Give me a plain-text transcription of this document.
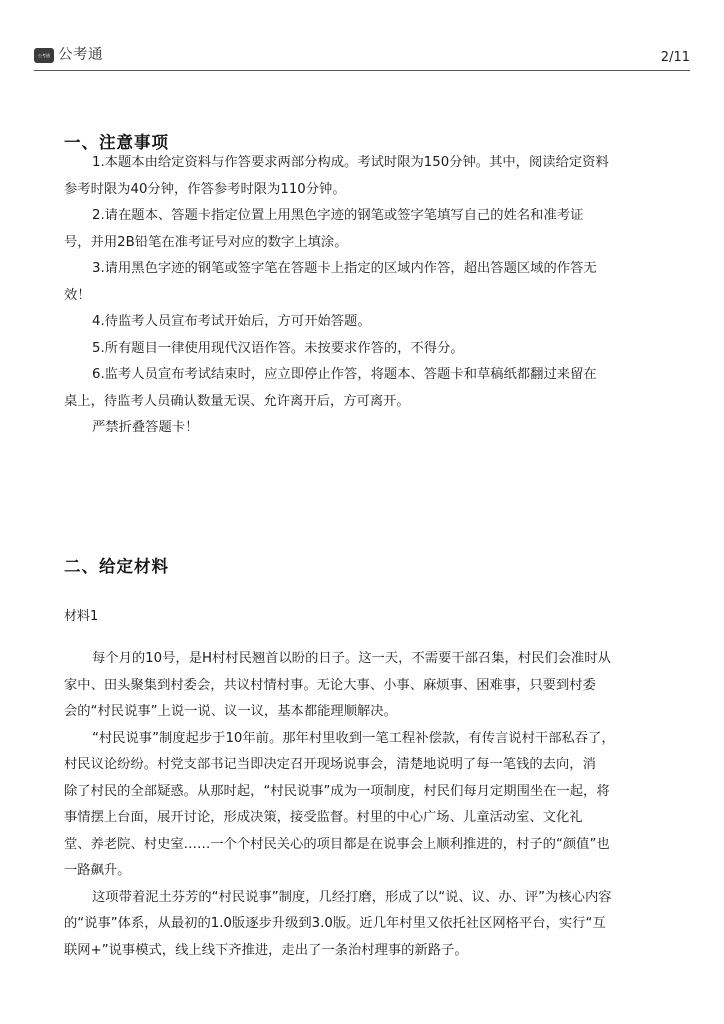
公考通 公考通	2/11
一、注意事项
1.本题本由给定资料与作答要求两部分构成。考试时限为150分钟。其中，阅读给定资料
参考时限为40分钟，作答参考时限为110分钟。
2.请在题本、答题卡指定位置上用黑色字迹的钢笔或签字笔填写自己的姓名和准考证
号，并用2B铅笔在准考证号对应的数字上填涂。
3.请用黑色字迹的钢笔或签字笔在答题卡上指定的区域内作答，超出答题区域的作答无
效！
4.待监考人员宣布考试开始后，方可开始答题。
5.所有题目一律使用现代汉语作答。未按要求作答的，不得分。
6.监考人员宣布考试结束时，应立即停止作答，将题本、答题卡和草稿纸都翻过来留在
桌上，待监考人员确认数量无误、允许离开后，方可离开。
严禁折叠答题卡！
二、给定材料
材料1
每个月的10号，是H村村民翘首以盼的日子。这一天，不需要干部召集，村民们会准时从
家中、田头聚集到村委会，共议村情村事。无论大事、小事、麻烦事、困难事，只要到村委
会的“村民说事”上说一说、议一议，基本都能理顺解决。
“村民说事”制度起步于10年前。那年村里收到一笔工程补偿款，有传言说村干部私吞了，
村民议论纷纷。村党支部书记当即决定召开现场说事会，清楚地说明了每一笔钱的去向，消
除了村民的全部疑惑。从那时起，“村民说事”成为一项制度，村民们每月定期围坐在一起，将
事情摆上台面，展开讨论，形成决策，接受监督。村里的中心广场、儿童活动室、文化礼
堂、养老院、村史室……一个个村民关心的项目都是在说事会上顺利推进的，村子的“颜值”也
一路飙升。
这项带着泥土芬芳的“村民说事”制度，几经打磨，形成了以“说、议、办、评”为核心内容
的“说事”体系，从最初的1.0版逐步升级到3.0版。近几年村里又依托社区网格平台，实行“互
联网+”说事模式，线上线下齐推进，走出了一条治村理事的新路子。
